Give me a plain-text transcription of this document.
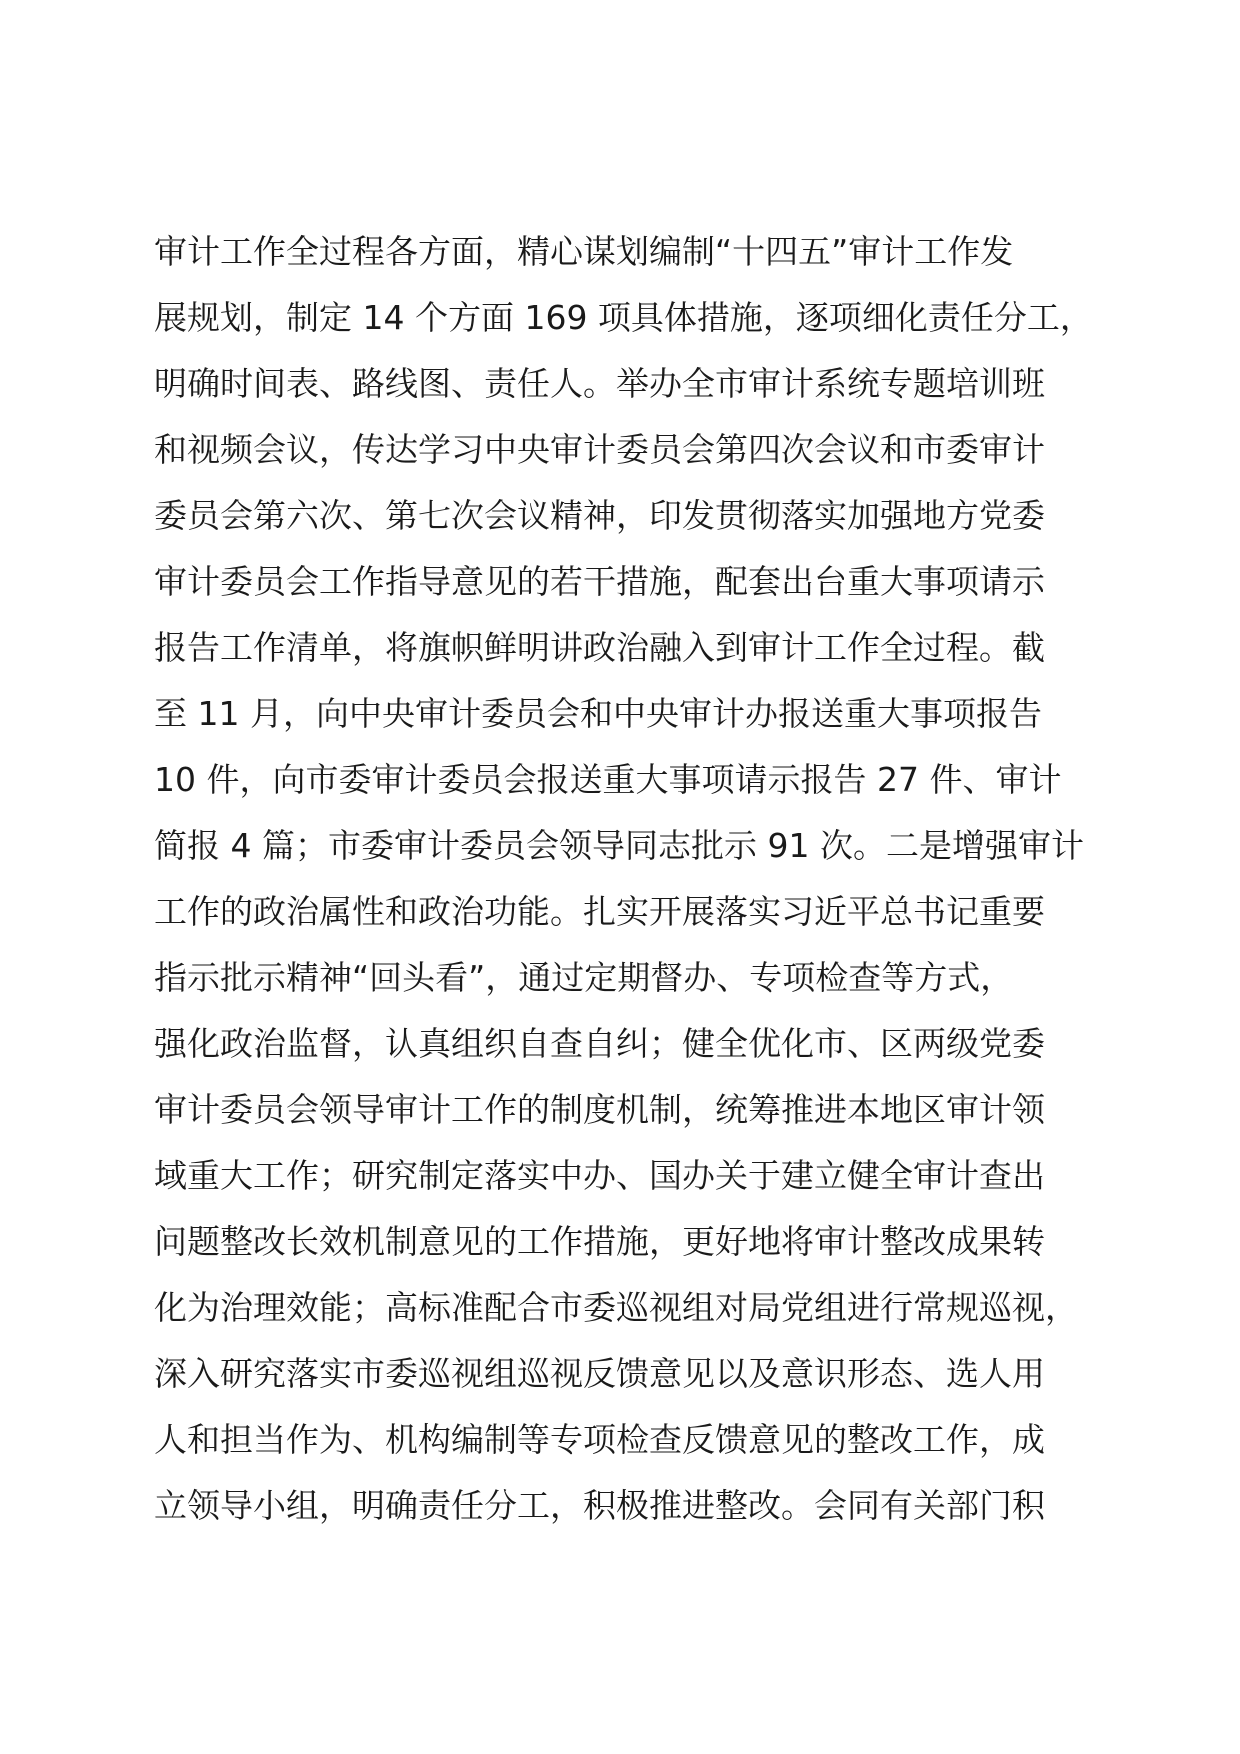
审计工作全过程各方面，精心谋划编制“十四五”审计工作发
展规划，制定 14 个方面 169 项具体措施，逐项细化责任分工，
明确时间表、路线图、责任人。举办全市审计系统专题培训班
和视频会议，传达学习中央审计委员会第四次会议和市委审计
委员会第六次、第七次会议精神，印发贯彻落实加强地方党委
审计委员会工作指导意见的若干措施，配套出台重大事项请示
报告工作清单，将旗帜鲜明讲政治融入到审计工作全过程。截
至 11 月，向中央审计委员会和中央审计办报送重大事项报告
10 件，向市委审计委员会报送重大事项请示报告 27 件、审计
简报 4 篇；市委审计委员会领导同志批示 91 次。二是增强审计
工作的政治属性和政治功能。扎实开展落实习近平总书记重要
指示批示精神“回头看”，通过定期督办、专项检查等方式，
强化政治监督，认真组织自查自纠；健全优化市、区两级党委
审计委员会领导审计工作的制度机制，统筹推进本地区审计领
域重大工作；研究制定落实中办、国办关于建立健全审计查出
问题整改长效机制意见的工作措施，更好地将审计整改成果转
化为治理效能；高标准配合市委巡视组对局党组进行常规巡视，
深入研究落实市委巡视组巡视反馈意见以及意识形态、选人用
人和担当作为、机构编制等专项检查反馈意见的整改工作，成
立领导小组，明确责任分工，积极推进整改。会同有关部门积
